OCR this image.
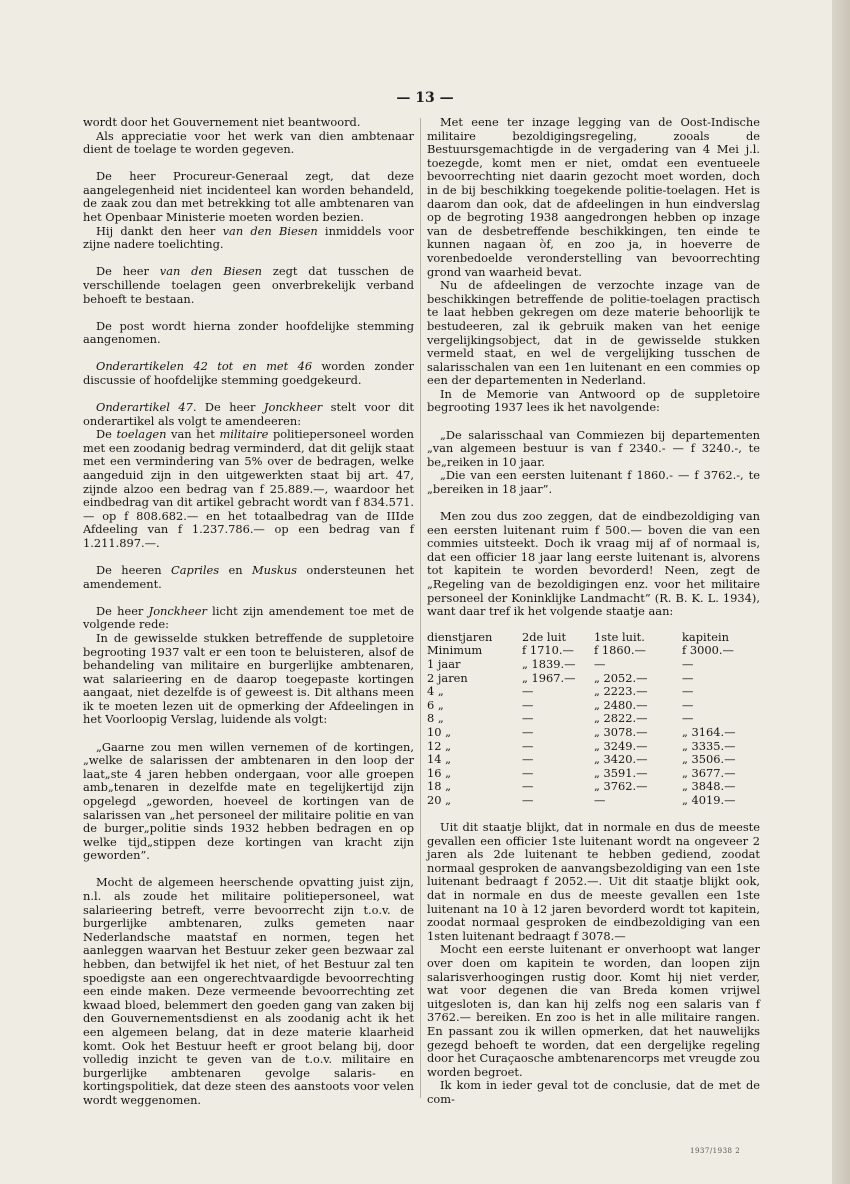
— 13 —

wordt door het Gouvernement niet beantwoord.

Als appreciatie voor het werk van dien ambtenaar dient de toelage te worden gegeven.

De heer Procureur-Generaal zegt, dat deze aangelegenheid niet incidenteel kan worden behandeld, de zaak zou dan met betrekking tot alle ambtenaren van het Openbaar Ministerie moeten worden bezien.

Hij dankt den heer van den Biesen inmiddels voor zijne nadere toelichting.

De heer van den Biesen zegt dat tusschen de verschillende toelagen geen onverbrekelijk verband behoeft te bestaan.

De post wordt hierna zonder hoofdelijke stemming aangenomen.

Onderartikelen 42 tot en met 46 worden zonder discussie of hoofdelijke stemming goedgekeurd.

Onderartikel 47. De heer Jonckheer stelt voor dit onderartikel als volgt te amendeeren:

De toelagen van het militaire politiepersoneel worden met een zoodanig bedrag verminderd, dat dit gelijk staat met een vermindering van 5% over de bedragen, welke aangeduid zijn in den uitgewerkten staat bij art. 47, zijnde alzoo een bedrag van f 25.889.—, waardoor het eindbedrag van dit artikel gebracht wordt van f 834.571.— op f 808.682.— en het totaalbedrag van de IIIde Afdeeling van f 1.237.786.— op een bedrag van f 1.211.897.—.

De heeren Capriles en Muskus ondersteunen het amendement.

De heer Jonckheer licht zijn amendement toe met de volgende rede:

In de gewisselde stukken betreffende de suppletoire begrooting 1937 valt er een toon te beluisteren, alsof de behandeling van militaire en burgerlijke ambtenaren, wat salarieering en de daarop toegepaste kortingen aangaat, niet dezelfde is of geweest is. Dit althans meen ik te moeten lezen uit de opmerking der Afdeelingen in het Voorloopig Verslag, luidende als volgt:

„Gaarne zou men willen vernemen of de kortingen, „welke de salarissen der ambtenaren in den loop der laat„ste 4 jaren hebben ondergaan, voor alle groepen amb„tenaren in dezelfde mate en tegelijkertijd zijn opgelegd „geworden, hoeveel de kortingen van de salarissen van „het personeel der militaire politie en van de burger„politie sinds 1932 hebben bedragen en op welke tijd„stippen deze kortingen van kracht zijn geworden”.

Mocht de algemeen heerschende opvatting juist zijn, n.l. als zoude het militaire politiepersoneel, wat salarieering betreft, verre bevoorrecht zijn t.o.v. de burgerlijke ambtenaren, zulks gemeten naar Nederlandsche maatstaf en normen, tegen het aanleggen waarvan het Bestuur zeker geen bezwaar zal hebben, dan betwijfel ik het niet, of het Bestuur zal ten spoedigste aan een ongerechtvaardigde bevoorrechting een einde maken. Deze vermeende bevoorrechting zet kwaad bloed, belemmert den goeden gang van zaken bij den Gouvernementsdienst en als zoodanig acht ik het een algemeen belang, dat in deze materie klaarheid komt. Ook het Bestuur heeft er groot belang bij, door volledig inzicht te geven van de t.o.v. militaire en burgerlijke ambtenaren gevolge salaris- en kortingspolitiek, dat deze steen des aanstoots voor velen wordt weggenomen.

Met eene ter inzage legging van de Oost-Indische militaire bezoldigingsregeling, zooals de Bestuursgemachtigde in de vergadering van 4 Mei j.l. toezegde, komt men er niet, omdat een eventueele bevoorrechting niet daarin gezocht moet worden, doch in de bij beschikking toegekende politie-toelagen. Het is daarom dan ook, dat de afdeelingen in hun eindverslag op de begroting 1938 aangedrongen hebben op inzage van de desbetreffende beschikkingen, ten einde te kunnen nagaan òf, en zoo ja, in hoeverre de vorenbedoelde veronderstelling van bevoorrechting grond van waarheid bevat.

Nu de afdeelingen de verzochte inzage van de beschikkingen betreffende de politie-toelagen practisch te laat hebben gekregen om deze materie behoorlijk te bestudeeren, zal ik gebruik maken van het eenige vergelijkingsobject, dat in de gewisselde stukken vermeld staat, en wel de vergelijking tusschen de salarisschalen van een 1en luitenant en een commies op een der departementen in Nederland.

In de Memorie van Antwoord op de suppletoire begrooting 1937 lees ik het navolgende:

„De salarisschaal van Commiezen bij departementen „van algemeen bestuur is van f 2340.- — f 3240.-, te be„reiken in 10 jaar.

„Die van een eersten luitenant f 1860.- — f 3762.-, te „bereiken in 18 jaar”.

Men zou dus zoo zeggen, dat de eindbezoldiging van een eersten luitenant ruim f 500.— boven die van een commies uitsteekt. Doch ik vraag mij af of normaal is, dat een officier 18 jaar lang eerste luitenant is, alvorens tot kapitein te worden bevorderd! Neen, zegt de „Regeling van de bezoldigingen enz. voor het militaire personeel der Koninklijke Landmacht” (R. B. K. L. 1934), want daar tref ik het volgende staatje aan:

dienstjaren	2de luit	1ste luit.	kapitein
Minimum	f 1710.—	f 1860.—	f 3000.—
1 jaar	„ 1839.—	—	—
2 jaren	„ 1967.—	„ 2052.—	—
4 „	—	„ 2223.—	—
6 „	—	„ 2480.—	—
8 „	—	„ 2822.—	—
10 „	—	„ 3078.—	„ 3164.—
12 „	—	„ 3249.—	„ 3335.—
14 „	—	„ 3420.—	„ 3506.—
16 „	—	„ 3591.—	„ 3677.—
18 „	—	„ 3762.—	„ 3848.—
20 „	—	—	„ 4019.—

Uit dit staatje blijkt, dat in normale en dus de meeste gevallen een officier 1ste luitenant wordt na ongeveer 2 jaren als 2de luitenant te hebben gediend, zoodat normaal gesproken de aanvangsbezoldiging van een 1ste luitenant bedraagt f 2052.—. Uit dit staatje blijkt ook, dat in normale en dus de meeste gevallen een 1ste luitenant na 10 à 12 jaren bevorderd wordt tot kapitein, zoodat normaal gesproken de eindbezoldiging van een 1sten luitenant bedraagt f 3078.—

Mocht een eerste luitenant er onverhoopt wat langer over doen om kapitein te worden, dan loopen zijn salarisverhoogingen rustig door. Komt hij niet verder, wat voor degenen die van Breda komen vrijwel uitgesloten is, dan kan hij zelfs nog een salaris van f 3762.— bereiken. En zoo is het in alle militaire rangen. En passant zou ik willen opmerken, dat het nauwelijks gezegd behoeft te worden, dat een dergelijke regeling door het Curaçaosche ambtenarencorps met vreugde zou worden begroet.

Ik kom in ieder geval tot de conclusie, dat de met de com-

1937/1938 2
